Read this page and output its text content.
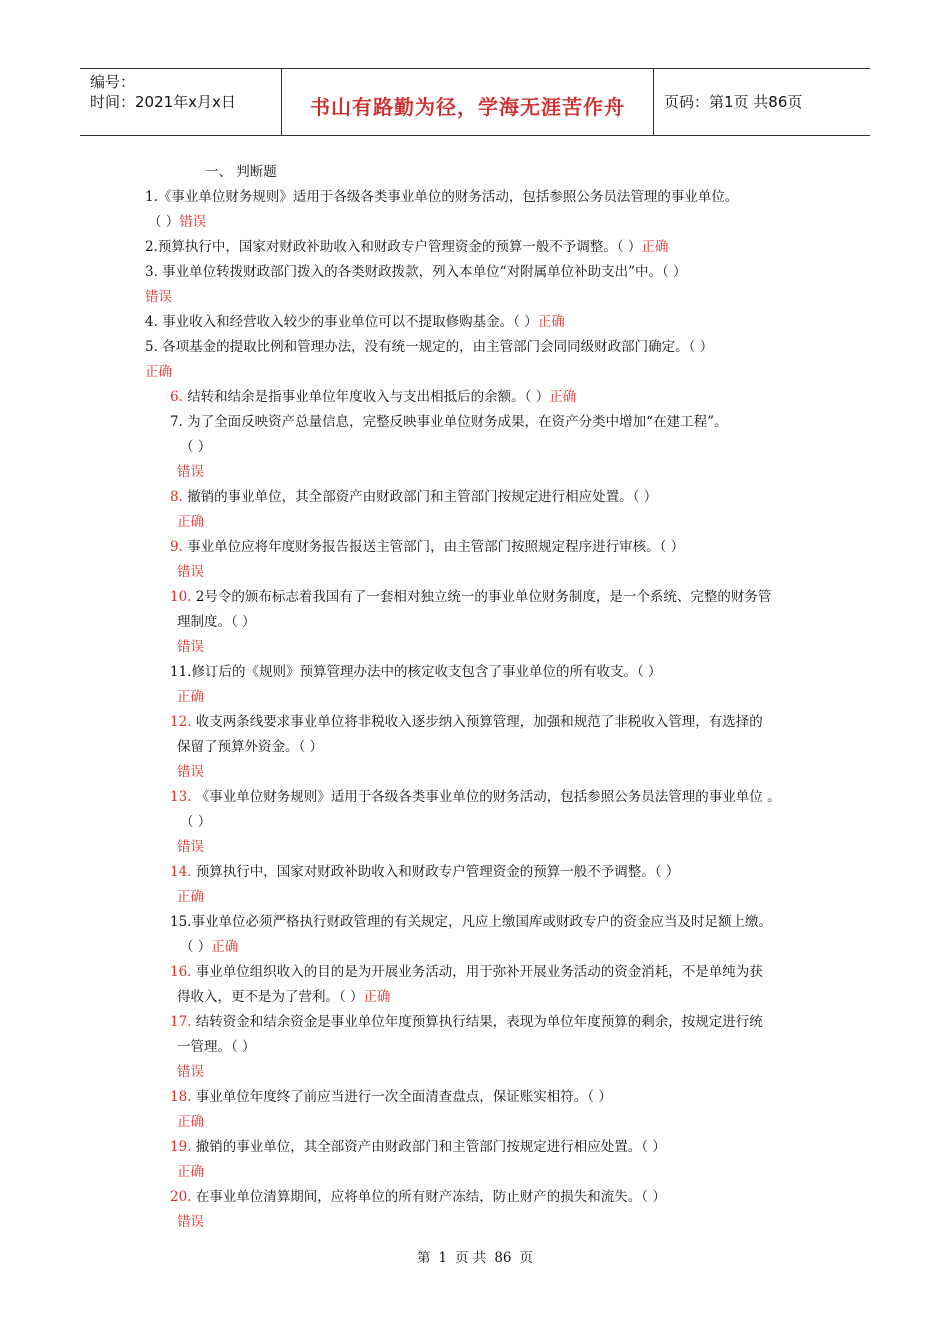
编号：
时间：2021年x月x日	书山有路勤为径，学海无涯苦作舟	页码：第1页 共86页
一、 判断题
1.《事业单位财务规则》适用于各级各类事业单位的财务活动，包括参照公务员法管理的事业单位。
（ ）错误
2.预算执行中，国家对财政补助收入和财政专户管理资金的预算一般不予调整。（ ）正确
3. 事业单位转拨财政部门拨入的各类财政拨款，列入本单位“对附属单位补助支出”中。（ ）
错误
4. 事业收入和经营收入较少的事业单位可以不提取修购基金。（ ）正确
5. 各项基金的提取比例和管理办法，没有统一规定的，由主管部门会同同级财政部门确定。（ ）
正确
6. 结转和结余是指事业单位年度收入与支出相抵后的余额。（ ）正确
7. 为了全面反映资产总量信息，完整反映事业单位财务成果，在资产分类中增加“在建工程”。
（ ）
错误
8. 撤销的事业单位，其全部资产由财政部门和主管部门按规定进行相应处置。（ ）
正确
9. 事业单位应将年度财务报告报送主管部门，由主管部门按照规定程序进行审核。（ ）
错误
10. 2号令的颁布标志着我国有了一套相对独立统一的事业单位财务制度，是一个系统、完整的财务管
理制度。（ ）
错误
11.修订后的《规则》预算管理办法中的核定收支包含了事业单位的所有收支。（ ）
正确
12. 收支两条线要求事业单位将非税收入逐步纳入预算管理，加强和规范了非税收入管理，有选择的
保留了预算外资金。（ ）
错误
13. 《事业单位财务规则》适用于各级各类事业单位的财务活动，包括参照公务员法管理的事业单位 。
（ ）
错误
14. 预算执行中，国家对财政补助收入和财政专户管理资金的预算一般不予调整。（ ）
正确
15.事业单位必须严格执行财政管理的有关规定，凡应上缴国库或财政专户的资金应当及时足额上缴。
（ ）正确
16. 事业单位组织收入的目的是为开展业务活动，用于弥补开展业务活动的资金消耗，不是单纯为获
得收入，更不是为了营利。（ ）正确
17. 结转资金和结余资金是事业单位年度预算执行结果，表现为单位年度预算的剩余，按规定进行统
一管理。（ ）
错误
18. 事业单位年度终了前应当进行一次全面清查盘点，保证账实相符。（ ）
正确
19. 撤销的事业单位，其全部资产由财政部门和主管部门按规定进行相应处置。（ ）
正确
20. 在事业单位清算期间，应将单位的所有财产冻结，防止财产的损失和流失。（ ）
错误
第 1 页 共 86 页
